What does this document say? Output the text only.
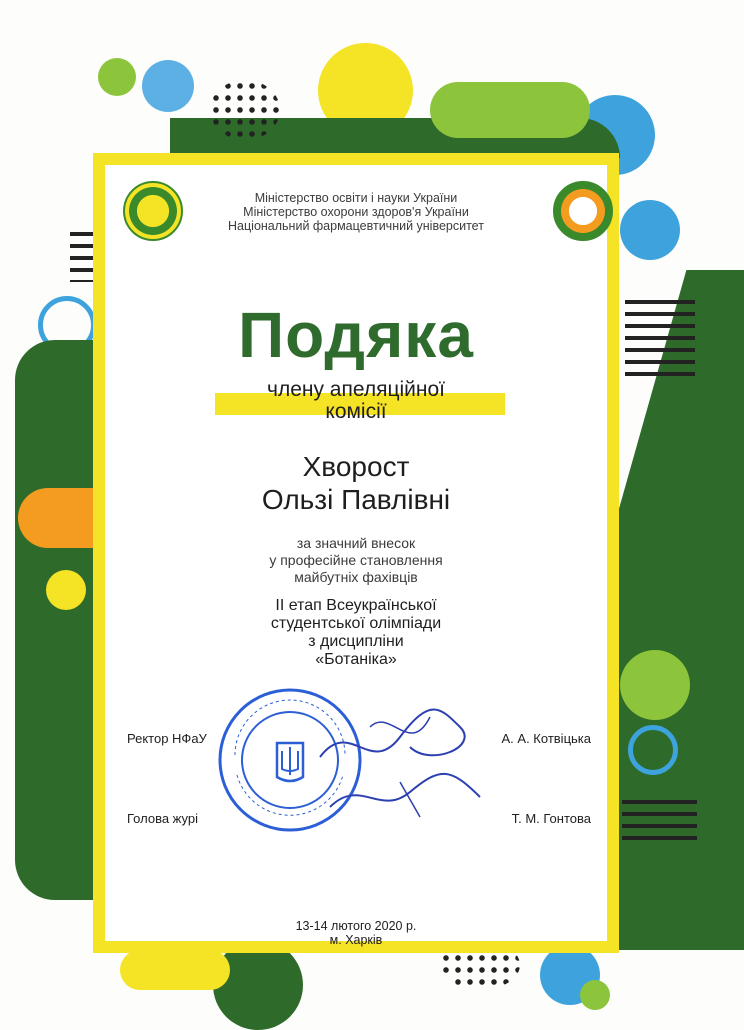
Міністерство освіти і науки України
Міністерство охорони здоров'я України
Національний фармацевтичний університет
Подяка
члену апеляційної
комісії
Хворост
Ользі Павлівні
за значний внесок
у професійне становлення
майбутніх фахівців
ІІ етап Всеукраїнської
студентської олімпіади
з дисципліни
«Ботаніка»
Ректор НФаУ	А. А. Котвіцька
Голова журі	Т. М. Гонтова
13-14 лютого 2020 р.
м. Харків
